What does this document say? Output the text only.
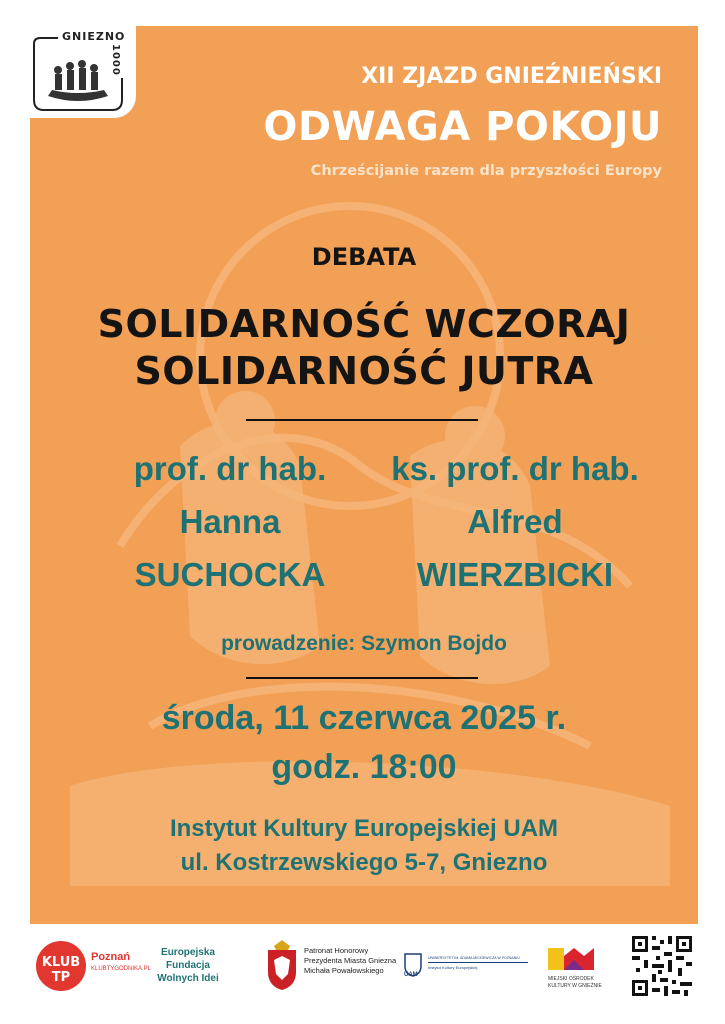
GNIEZNO
1000
XII ZJAZD GNIEŹNIEŃSKI
ODWAGA POKOJU
Chrześcijanie razem dla przyszłości Europy
DEBATA
SOLIDARNOŚĆ WCZORAJ
SOLIDARNOŚĆ JUTRA
prof. dr hab.
Hanna
SUCHOCKA
ks. prof. dr hab.
Alfred
WIERZBICKI
prowadzenie: Szymon Bojdo
środa, 11 czerwca 2025 r.
godz. 18:00
Instytut Kultury Europejskiej UAM
ul. Kostrzewskiego 5-7, Gniezno
KLUB TP
Poznań
KLUBTYGODNIKA.PL
Europejska
Fundacja
Wolnych Idei
Patronat Honorowy
Prezydenta Miasta Gniezna
Michała Powałowskiego	UAM
UNIWERSYTET IM. ADAMA MICKIEWICZA W POZNANIU
Instytut Kultury Europejskiej
MIEJSKI OŚRODEK
KULTURY W GNIEŹNIE
